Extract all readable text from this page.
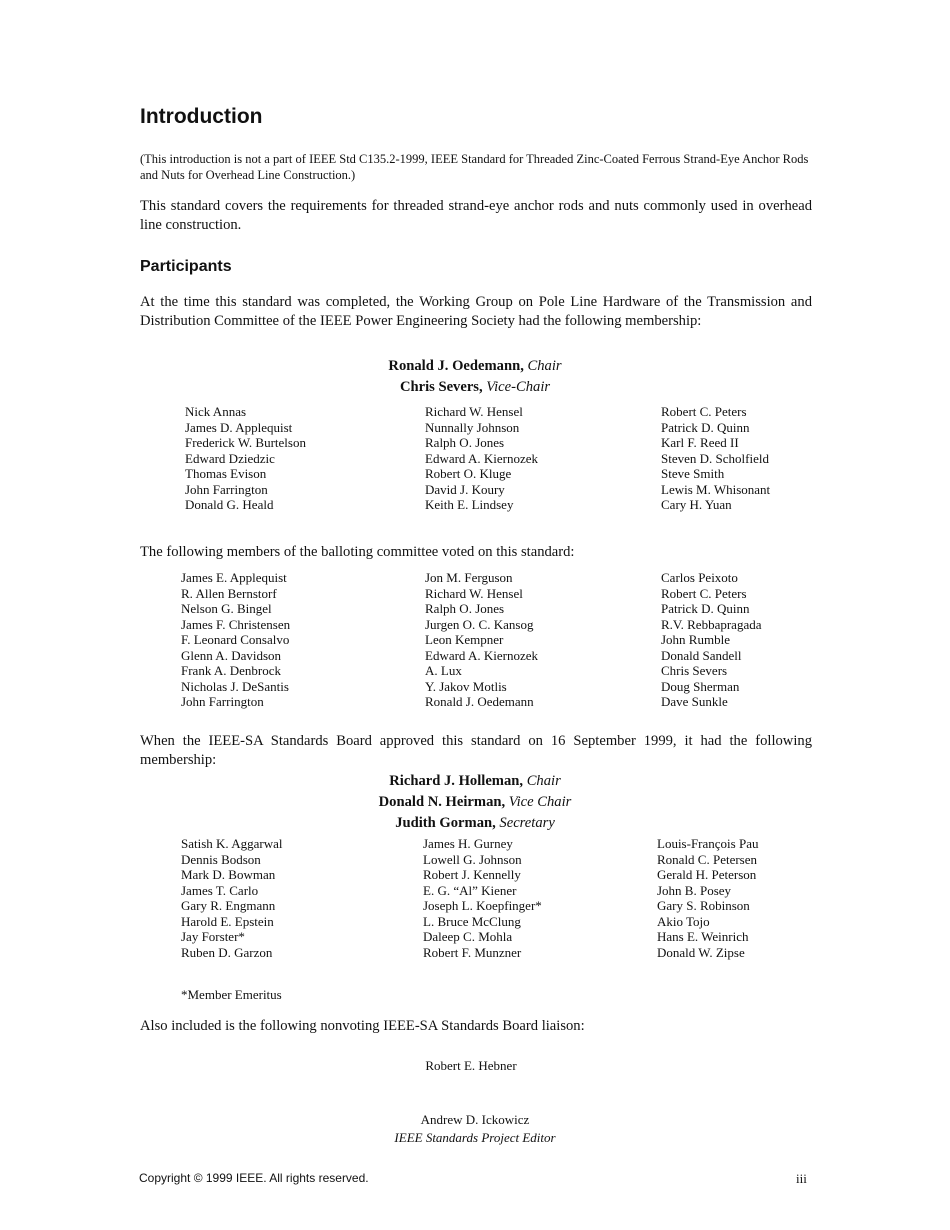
Introduction
(This introduction is not a part of IEEE Std C135.2-1999, IEEE Standard for Threaded Zinc-Coated Ferrous Strand-Eye Anchor Rods and Nuts for Overhead Line Construction.)
This standard covers the requirements for threaded strand-eye anchor rods and nuts commonly used in overhead line construction.
Participants
At the time this standard was completed, the Working Group on Pole Line Hardware of the Transmission and Distribution Committee of the IEEE Power Engineering Society had the following membership:
Ronald J. Oedemann, Chair
Chris Severs, Vice-Chair
Nick Annas
James D. Applequist
Frederick W. Burtelson
Edward Dziedzic
Thomas Evison
John Farrington
Donald G. Heald
Richard W. Hensel
Nunnally Johnson
Ralph O. Jones
Edward A. Kiernozek
Robert O. Kluge
David J. Koury
Keith E. Lindsey
Robert C. Peters
Patrick D. Quinn
Karl F. Reed II
Steven D. Scholfield
Steve Smith
Lewis M. Whisonant
Cary H. Yuan
The following members of the balloting committee voted on this standard:
James E. Applequist
R. Allen Bernstorf
Nelson G. Bingel
James F. Christensen
F. Leonard Consalvo
Glenn A. Davidson
Frank A. Denbrock
Nicholas J. DeSantis
John Farrington
Jon M. Ferguson
Richard W. Hensel
Ralph O. Jones
Jurgen O. C. Kansog
Leon Kempner
Edward A. Kiernozek
A. Lux
Y. Jakov Motlis
Ronald J. Oedemann
Carlos Peixoto
Robert C. Peters
Patrick D. Quinn
R.V. Rebbapragada
John Rumble
Donald Sandell
Chris Severs
Doug Sherman
Dave Sunkle
When the IEEE-SA Standards Board approved this standard on 16 September 1999, it had the following membership:
Richard J. Holleman, Chair
Donald N. Heirman, Vice Chair
Judith Gorman, Secretary
Satish K. Aggarwal
Dennis Bodson
Mark D. Bowman
James T. Carlo
Gary R. Engmann
Harold E. Epstein
Jay Forster*
Ruben D. Garzon
James H. Gurney
Lowell G. Johnson
Robert J. Kennelly
E. G. “Al” Kiener
Joseph L. Koepfinger*
L. Bruce McClung
Daleep C. Mohla
Robert F. Munzner
Louis-François Pau
Ronald C. Petersen
Gerald H. Peterson
John B. Posey
Gary S. Robinson
Akio Tojo
Hans E. Weinrich
Donald W. Zipse
*Member Emeritus
Also included is the following nonvoting IEEE-SA Standards Board liaison:
Robert E. Hebner
Andrew D. Ickowicz
IEEE Standards Project Editor
Copyright © 1999 IEEE. All rights reserved.	iii
